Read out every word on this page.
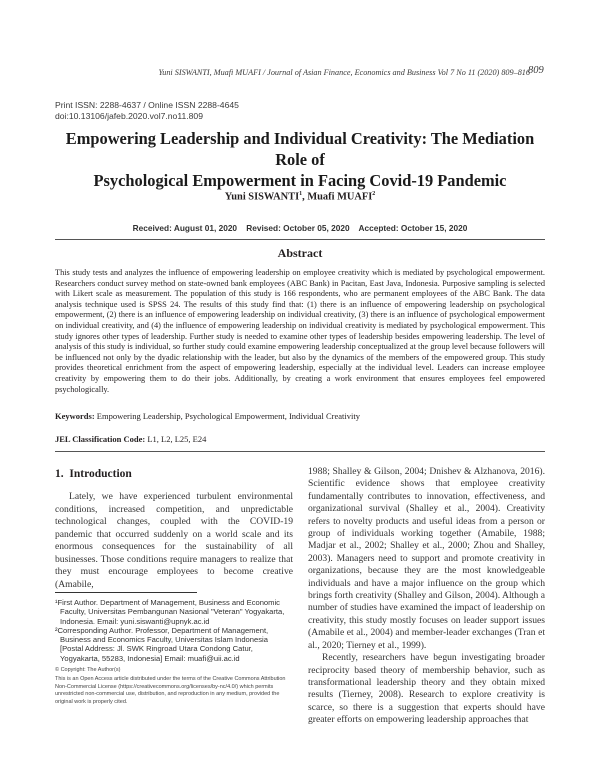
Yuni SISWANTI, Muafi MUAFI / Journal of Asian Finance, Economics and Business Vol 7 No 11 (2020) 809–816
809
Print ISSN: 2288-4637 / Online ISSN 2288-4645
doi:10.13106/jafeb.2020.vol7.no11.809
Empowering Leadership and Individual Creativity: The Mediation Role of
Psychological Empowerment in Facing Covid-19 Pandemic
Yuni SISWANTI$^1$, Muafi MUAFI$^2$
Received: August 01, 2020    Revised: October 05, 2020    Accepted: October 15, 2020
Abstract
This study tests and analyzes the influence of empowering leadership on employee creativity which is mediated by psychological empowerment. Researchers conduct survey method on state-owned bank employees (ABC Bank) in Pacitan, East Java, Indonesia. Purposive sampling is selected with Likert scale as measurement. The population of this study is 166 respondents, who are permanent employees of the ABC Bank. The data analysis technique used is SPSS 24. The results of this study find that: (1) there is an influence of empowering leadership on psychological empowerment, (2) there is an influence of empowering leadership on individual creativity, (3) there is an influence of psychological empowerment on individual creativity, and (4) the influence of empowering leadership on individual creativity is mediated by psychological empowerment. This study ignores other types of leadership. Further study is needed to examine other types of leadership besides empowering leadership. The level of analysis of this study is individual, so further study could examine empowering leadership conceptualized at the group level because followers will be influenced not only by the dyadic relationship with the leader, but also by the dynamics of the members of the empowered group. This study provides theoretical enrichment from the aspect of empowering leadership, especially at the individual level. Leaders can increase employee creativity by empowering them to do their jobs. Additionally, by creating a work environment that ensures employees feel empowered psychologically.
Keywords: Empowering Leadership, Psychological Empowerment, Individual Creativity
JEL Classification Code: L1, L2, L25, E24
1.  Introduction
Lately, we have experienced turbulent environmental conditions, increased competition, and unpredictable technological changes, coupled with the COVID-19 pandemic that occurred suddenly on a world scale and its enormous consequences for the sustainability of all businesses. Those conditions require managers to realize that they must encourage employees to become creative (Amabile,

¹First Author. Department of Management, Business and Economic
Faculty, Universitas Pembangunan Nasional "Veteran" Yogyakarta, Indonesia. Email: yuni.siswanti@upnyk.ac.id

²Corresponding Author. Professor, Department of Management,
Business and Economics Faculty, Universitas Islam Indonesia [Postal Address: Jl. SWK Ringroad Utara Condong Catur, Yogyakarta, 55283, Indonesia] Email: muafi@uii.ac.id

© Copyright: The Author(s)
This is an Open Access article distributed under the terms of the Creative Commons Attribution Non-Commercial License (https://creativecommons.org/licenses/by-nc/4.0/) which permits unrestricted non-commercial use, distribution, and reproduction in any medium, provided the original work is properly cited.

1988; Shalley & Gilson, 2004; Dnishev & Alzhanova, 2016). Scientific evidence shows that employee creativity fundamentally contributes to innovation, effectiveness, and organizational survival (Shalley et al., 2004). Creativity refers to novelty products and useful ideas from a person or group of individuals working together (Amabile, 1988; Madjar et al., 2002; Shalley et al., 2000; Zhou and Shalley, 2003). Managers need to support and promote creativity in organizations, because they are the most knowledgeable individuals and have a major influence on the group which brings forth creativity (Shalley and Gilson, 2004). Although a number of studies have examined the impact of leadership on creativity, this study mostly focuses on leader support issues (Amabile et al., 2004) and member-leader exchanges (Tran et al., 2020; Tierney et al., 1999).

Recently, researchers have begun investigating broader reciprocity based theory of membership behavior, such as transformational leadership theory and they obtain mixed results (Tierney, 2008). Research to explore creativity is scarce, so there is a suggestion that experts should have greater efforts on empowering leadership approaches that
